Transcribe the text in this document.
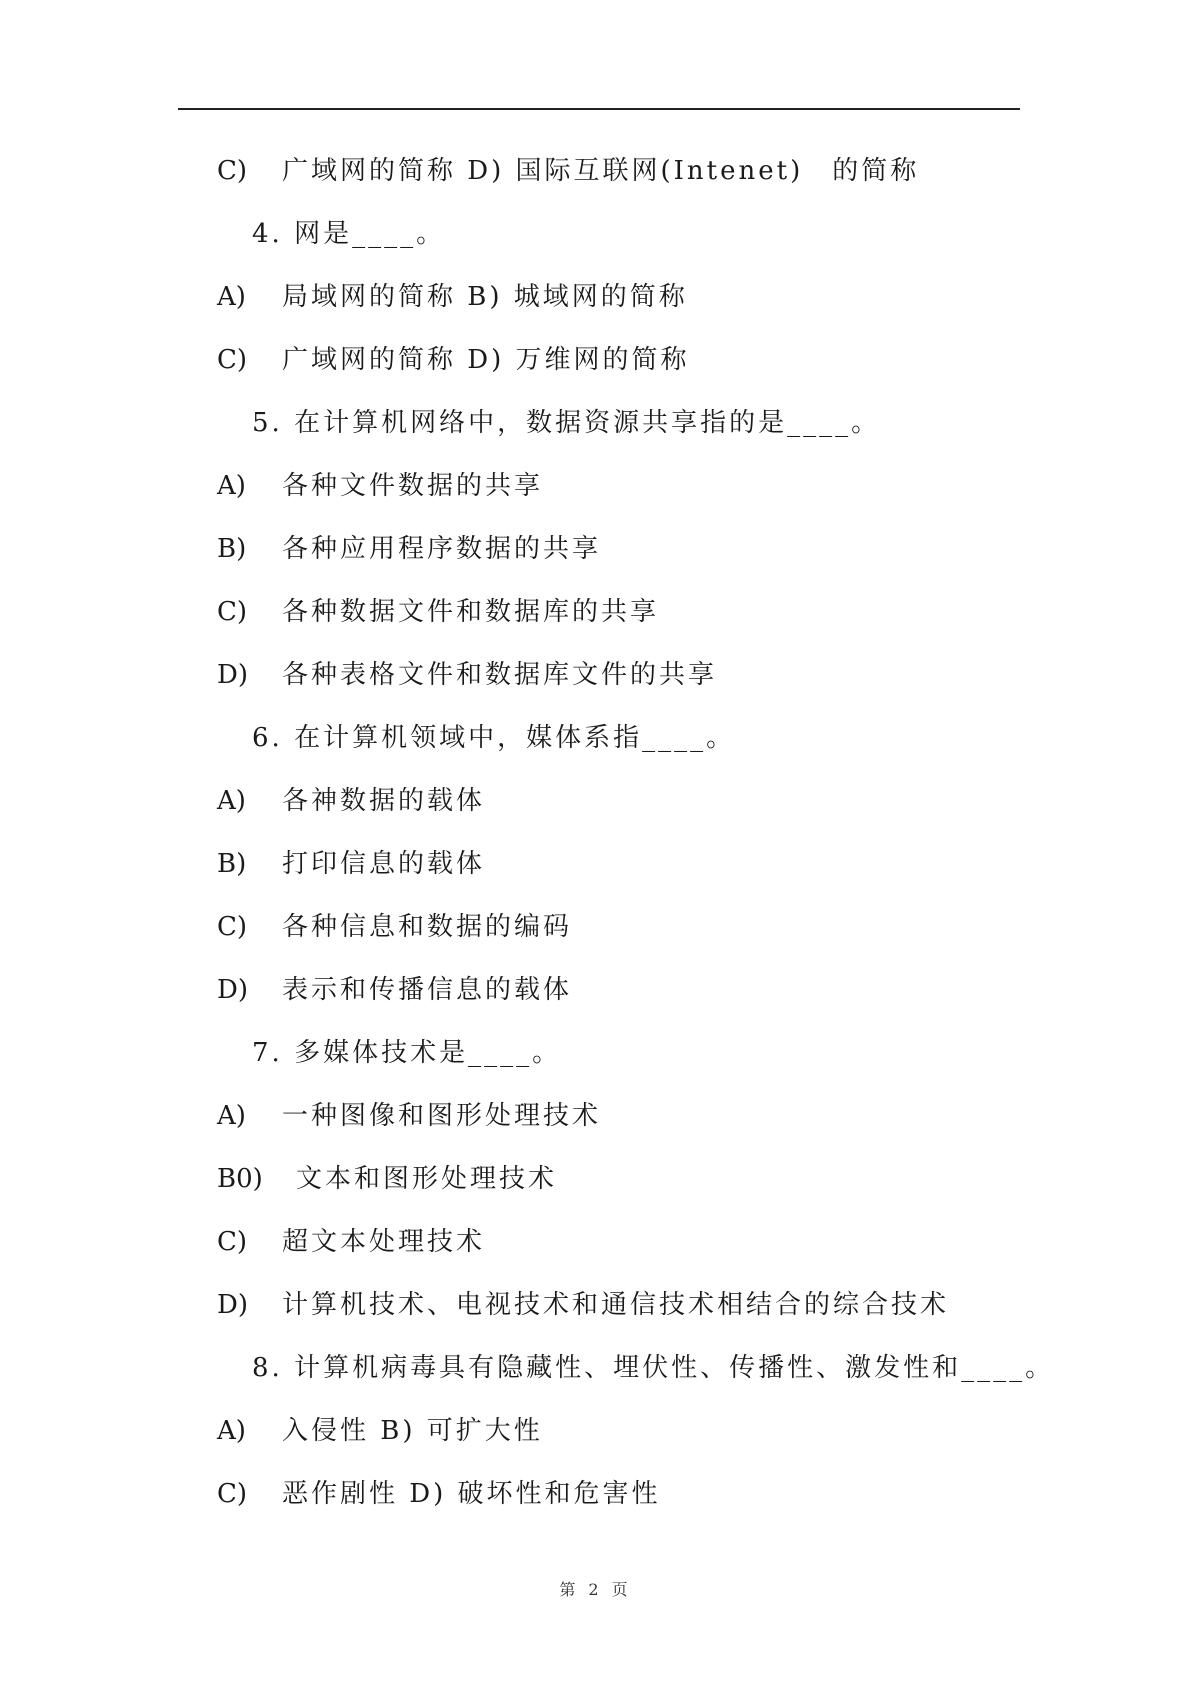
C) 广域网的简称 D) 国际互联网(Intenet)　的简称
4. 网是____。
A) 局域网的简称 B) 城域网的简称
C) 广域网的简称 D) 万维网的简称
5. 在计算机网络中，数据资源共享指的是____。
A) 各种文件数据的共享
B) 各种应用程序数据的共享
C) 各种数据文件和数据库的共享
D) 各种表格文件和数据库文件的共享
6. 在计算机领域中，媒体系指____。
A) 各神数据的载体
B) 打印信息的载体
C) 各种信息和数据的编码
D) 表示和传播信息的载体
7. 多媒体技术是____。
A) 一种图像和图形处理技术
B0) 文本和图形处理技术
C) 超文本处理技术
D) 计算机技术、电视技术和通信技术相结合的综合技术
8. 计算机病毒具有隐藏性、埋伏性、传播性、激发性和____。
A) 入侵性 B) 可扩大性
C) 恶作剧性 D) 破坏性和危害性
第 2 页
